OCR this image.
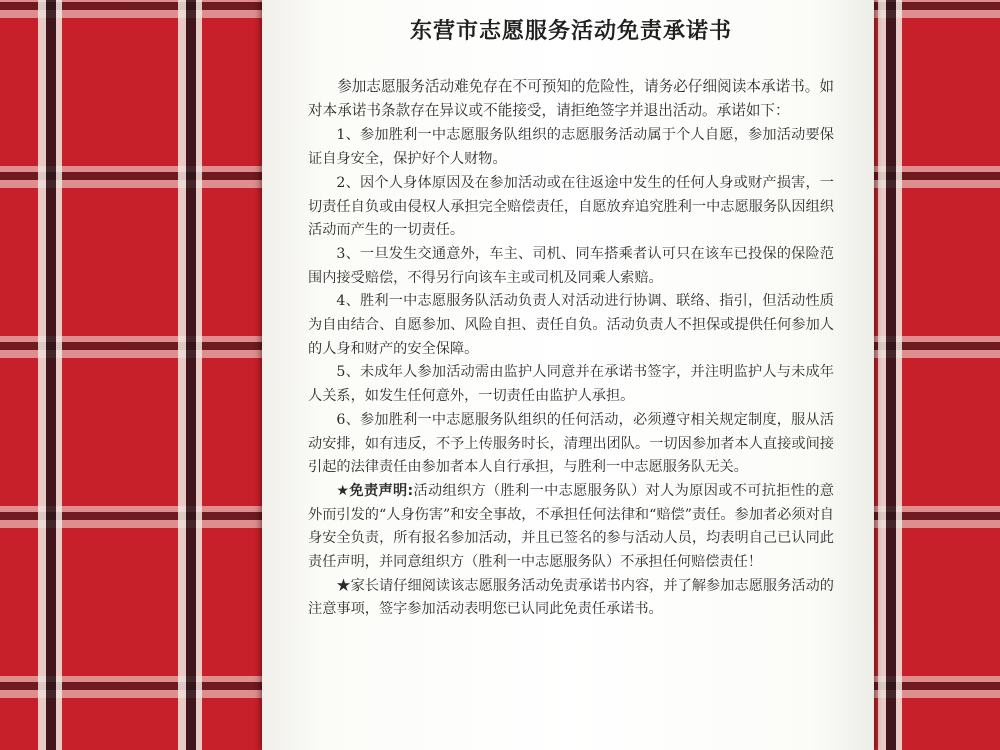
东营市志愿服务活动免责承诺书

参加志愿服务活动难免存在不可预知的危险性，请务必仔细阅读本承诺书。如对本承诺书条款存在异议或不能接受，请拒绝签字并退出活动。承诺如下：

1、参加胜利一中志愿服务队组织的志愿服务活动属于个人自愿，参加活动要保证自身安全，保护好个人财物。

2、因个人身体原因及在参加活动或在往返途中发生的任何人身或财产损害，一切责任自负或由侵权人承担完全赔偿责任，自愿放弃追究胜利一中志愿服务队因组织活动而产生的一切责任。

3、一旦发生交通意外，车主、司机、同车搭乘者认可只在该车已投保的保险范围内接受赔偿，不得另行向该车主或司机及同乘人索赔。

4、胜利一中志愿服务队活动负责人对活动进行协调、联络、指引，但活动性质为自由结合、自愿参加、风险自担、责任自负。活动负责人不担保或提供任何参加人的人身和财产的安全保障。

5、未成年人参加活动需由监护人同意并在承诺书签字，并注明监护人与未成年人关系，如发生任何意外，一切责任由监护人承担。

6、参加胜利一中志愿服务队组织的任何活动，必须遵守相关规定制度，服从活动安排，如有违反，不予上传服务时长，清理出团队。一切因参加者本人直接或间接引起的法律责任由参加者本人自行承担，与胜利一中志愿服务队无关。

★免责声明:活动组织方（胜利一中志愿服务队）对人为原因或不可抗拒性的意外而引发的“人身伤害”和安全事故，不承担任何法律和“赔偿”责任。参加者必须对自身安全负责，所有报名参加活动，并且已签名的参与活动人员，均表明自己已认同此责任声明，并同意组织方（胜利一中志愿服务队）不承担任何赔偿责任！

★家长请仔细阅读该志愿服务活动免责承诺书内容，并了解参加志愿服务活动的注意事项，签字参加活动表明您已认同此免责任承诺书。
